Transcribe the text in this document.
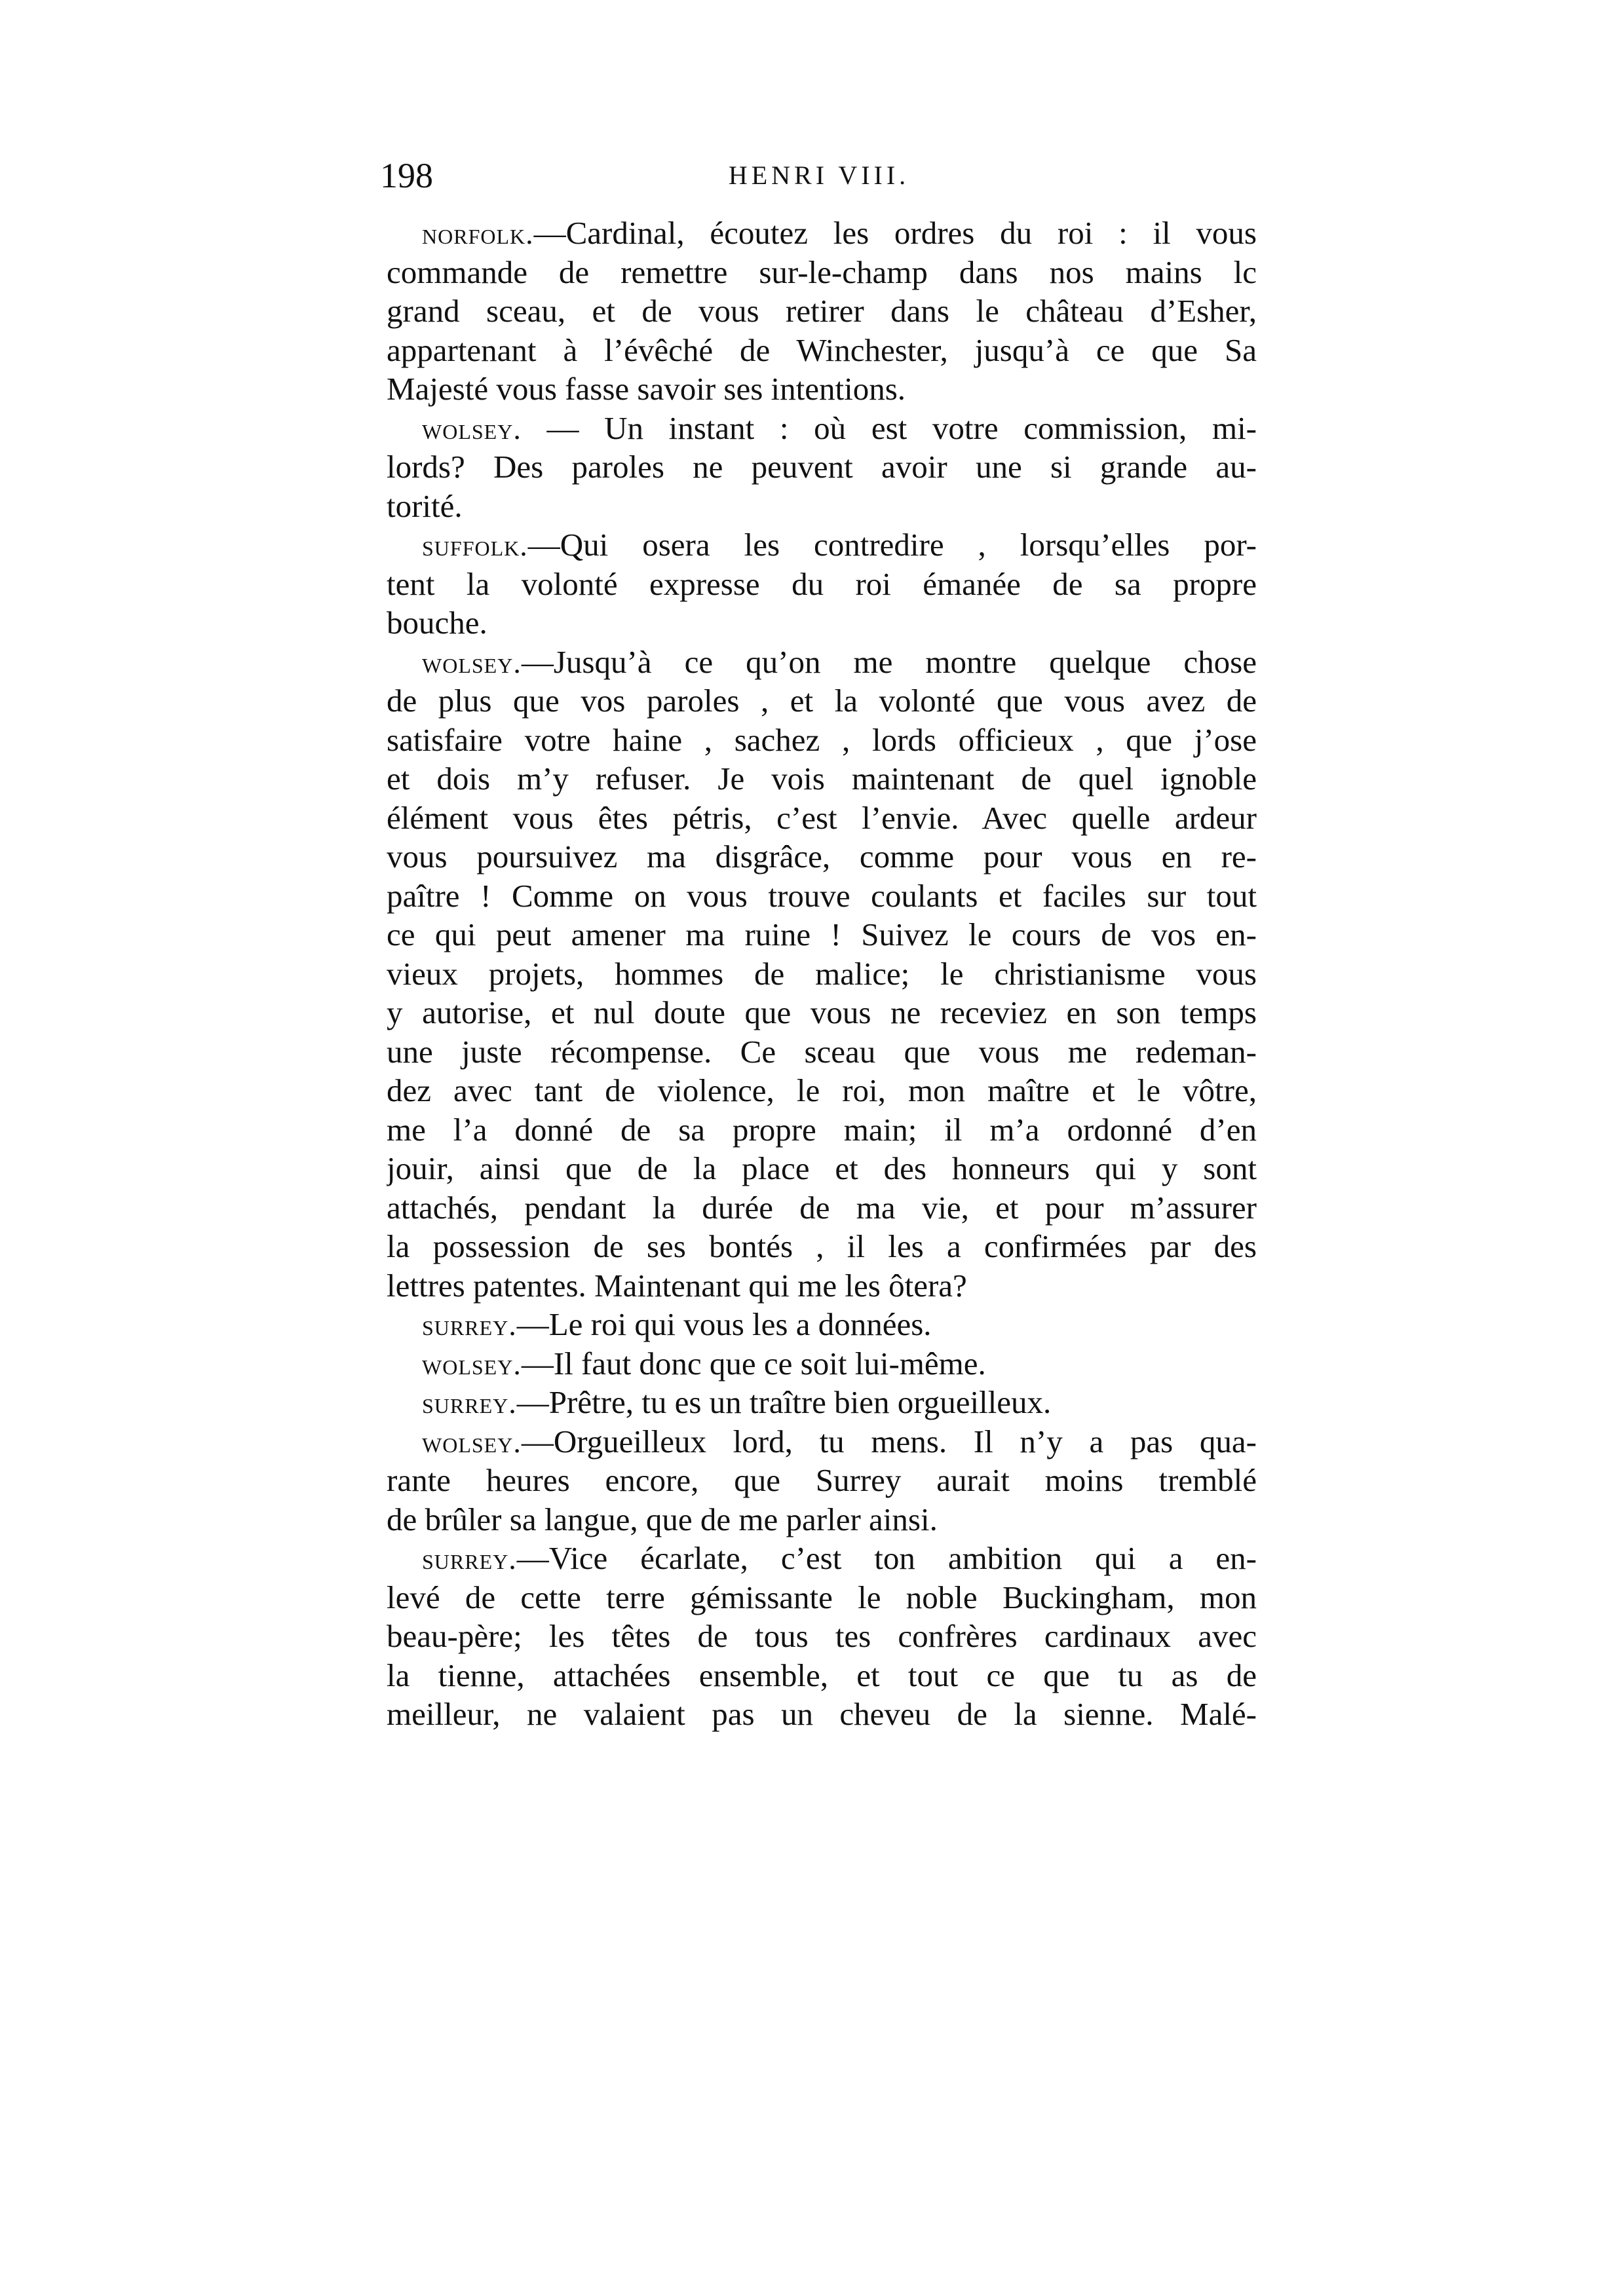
198	HENRI VIII.
norfolk.—Cardinal, écoutez les ordres du roi : il vous
commande de remettre sur-le-champ dans nos mains lc
grand sceau, et de vous retirer dans le château d’Esher,
appartenant à l’évêché de Winchester, jusqu’à ce que Sa
Majesté vous fasse savoir ses intentions.
wolsey. — Un instant : où est votre commission, mi-
lords? Des paroles ne peuvent avoir une si grande au-
torité.
suffolk.—Qui osera les contredire , lorsqu’elles por-
tent la volonté expresse du roi émanée de sa propre
bouche.
wolsey.—Jusqu’à ce qu’on me montre quelque chose
de plus que vos paroles , et la volonté que vous avez de
satisfaire votre haine , sachez , lords officieux , que j’ose
et dois m’y refuser. Je vois maintenant de quel ignoble
élément vous êtes pétris, c’est l’envie. Avec quelle ardeur
vous poursuivez ma disgrâce, comme pour vous en re-
paître ! Comme on vous trouve coulants et faciles sur tout
ce qui peut amener ma ruine ! Suivez le cours de vos en-
vieux projets, hommes de malice; le christianisme vous
y autorise, et nul doute que vous ne receviez en son temps
une juste récompense. Ce sceau que vous me redeman-
dez avec tant de violence, le roi, mon maître et le vôtre,
me l’a donné de sa propre main; il m’a ordonné d’en
jouir, ainsi que de la place et des honneurs qui y sont
attachés, pendant la durée de ma vie, et pour m’assurer
la possession de ses bontés , il les a confirmées par des
lettres patentes. Maintenant qui me les ôtera?
surrey.—Le roi qui vous les a données.
wolsey.—Il faut donc que ce soit lui-même.
surrey.—Prêtre, tu es un traître bien orgueilleux.
wolsey.—Orgueilleux lord, tu mens. Il n’y a pas qua-
rante heures encore, que Surrey aurait moins tremblé
de brûler sa langue, que de me parler ainsi.
surrey.—Vice écarlate, c’est ton ambition qui a en-
levé de cette terre gémissante le noble Buckingham, mon
beau-père; les têtes de tous tes confrères cardinaux avec
la tienne, attachées ensemble, et tout ce que tu as de
meilleur, ne valaient pas un cheveu de la sienne. Malé-
